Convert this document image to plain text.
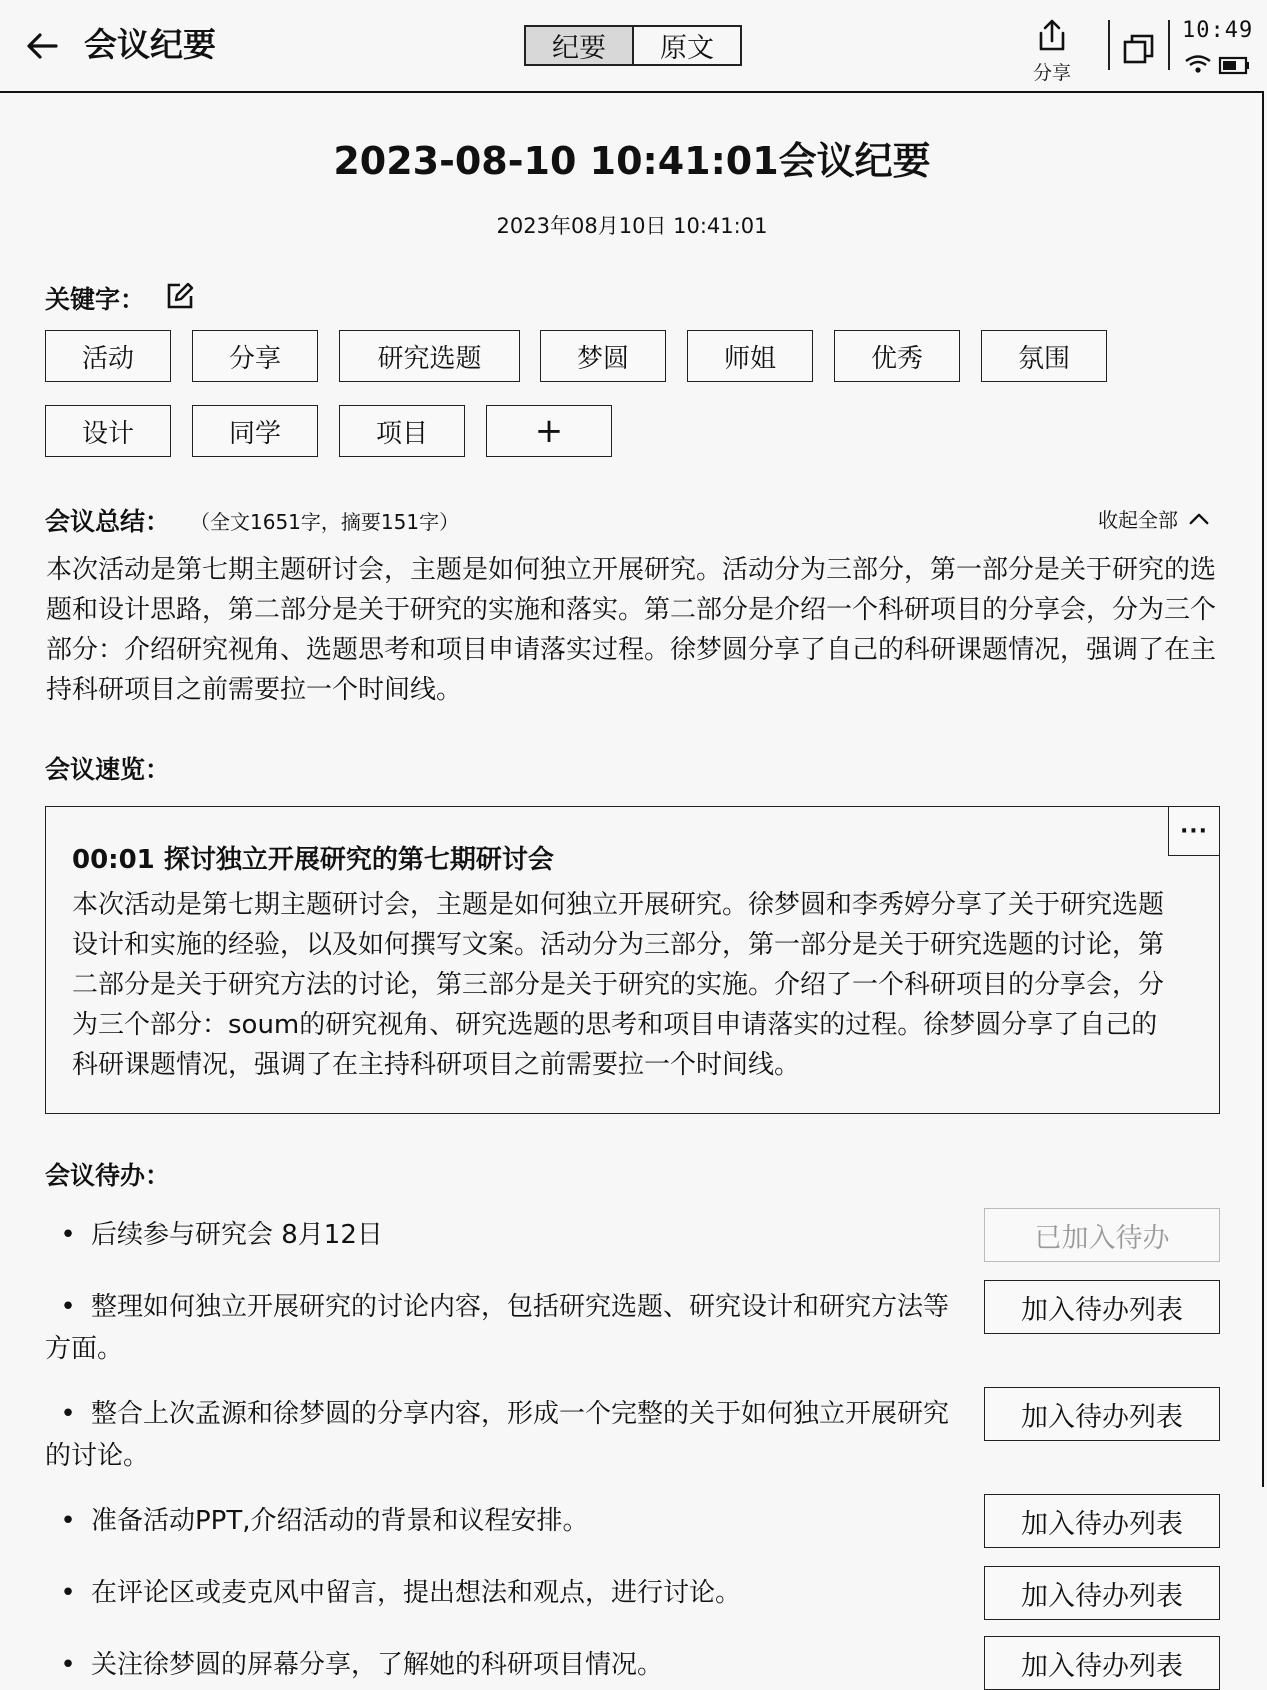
会议纪要	纪要	原文
分享
10:49
2023-08-10 10:41:01会议纪要
2023年08月10日 10:41:01
关键字：
活动	分享	研究选题	梦圆	师姐	优秀	氛围
设计	同学	项目	+
会议总结： （全文1651字，摘要151字）	收起全部
本次活动是第七期主题研讨会，主题是如何独立开展研究。活动分为三部分，第一部分是关于研究的选题和设计思路，第二部分是关于研究的实施和落实。第二部分是介绍一个科研项目的分享会，分为三个部分：介绍研究视角、选题思考和项目申请落实过程。徐梦圆分享了自己的科研课题情况，强调了在主持科研项目之前需要拉一个时间线。
会议速览：
···
00:01 探讨独立开展研究的第七期研讨会
本次活动是第七期主题研讨会，主题是如何独立开展研究。徐梦圆和李秀婷分享了关于研究选题设计和实施的经验，以及如何撰写文案。活动分为三部分，第一部分是关于研究选题的讨论，第二部分是关于研究方法的讨论，第三部分是关于研究的实施。介绍了一个科研项目的分享会，分为三个部分：soum的研究视角、研究选题的思考和项目申请落实的过程。徐梦圆分享了自己的科研课题情况，强调了在主持科研项目之前需要拉一个时间线。
会议待办：
• 后续参与研究会 8月12日	已加入待办
• 整理如何独立开展研究的讨论内容，包括研究选题、研究设计和研究方法等方面。
加入待办列表
• 整合上次孟源和徐梦圆的分享内容，形成一个完整的关于如何独立开展研究的讨论。
加入待办列表
• 准备活动PPT,介绍活动的背景和议程安排。	加入待办列表
• 在评论区或麦克风中留言，提出想法和观点，进行讨论。	加入待办列表
• 关注徐梦圆的屏幕分享，了解她的科研项目情况。	加入待办列表
